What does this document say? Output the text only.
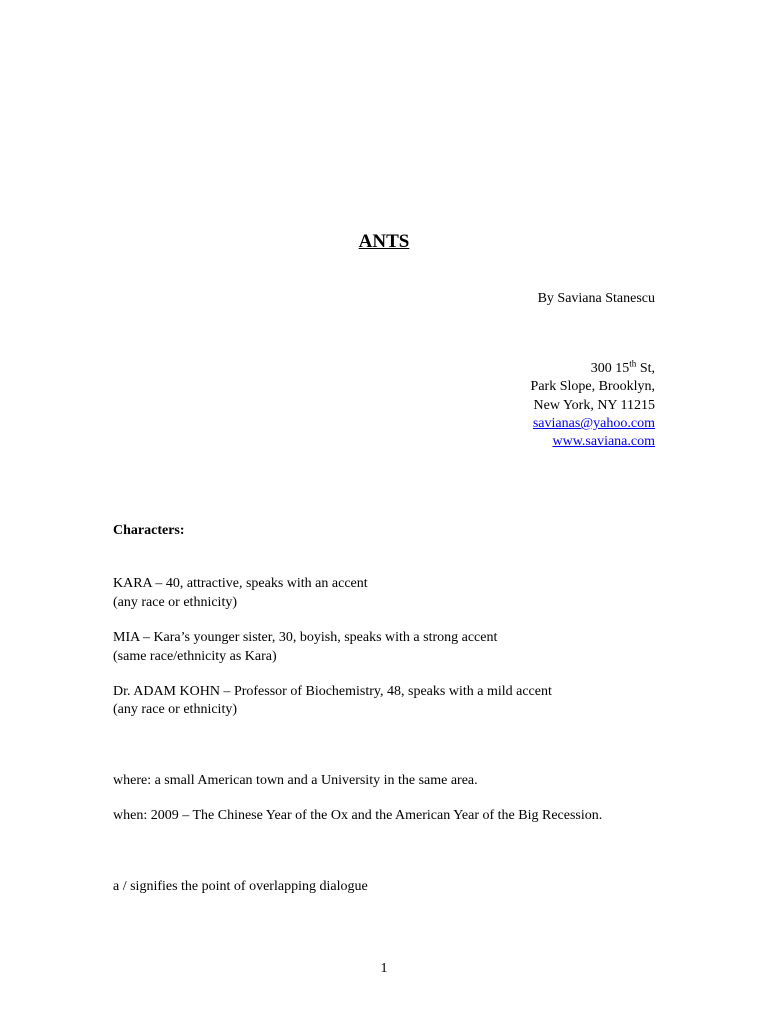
ANTS
By Saviana Stanescu
300 15th St,
Park Slope, Brooklyn,
New York, NY 11215
savianas@yahoo.com
www.saviana.com
Characters:
KARA – 40, attractive, speaks with an accent
(any race or ethnicity)
MIA – Kara’s younger sister, 30, boyish, speaks with a strong accent
(same race/ethnicity as Kara)
Dr. ADAM KOHN – Professor of Biochemistry, 48, speaks with a mild accent
(any race or ethnicity)
where: a small American town and a University in the same area.
when: 2009 – The Chinese Year of the Ox and the American Year of the Big Recession.
a / signifies the point of overlapping dialogue
1
